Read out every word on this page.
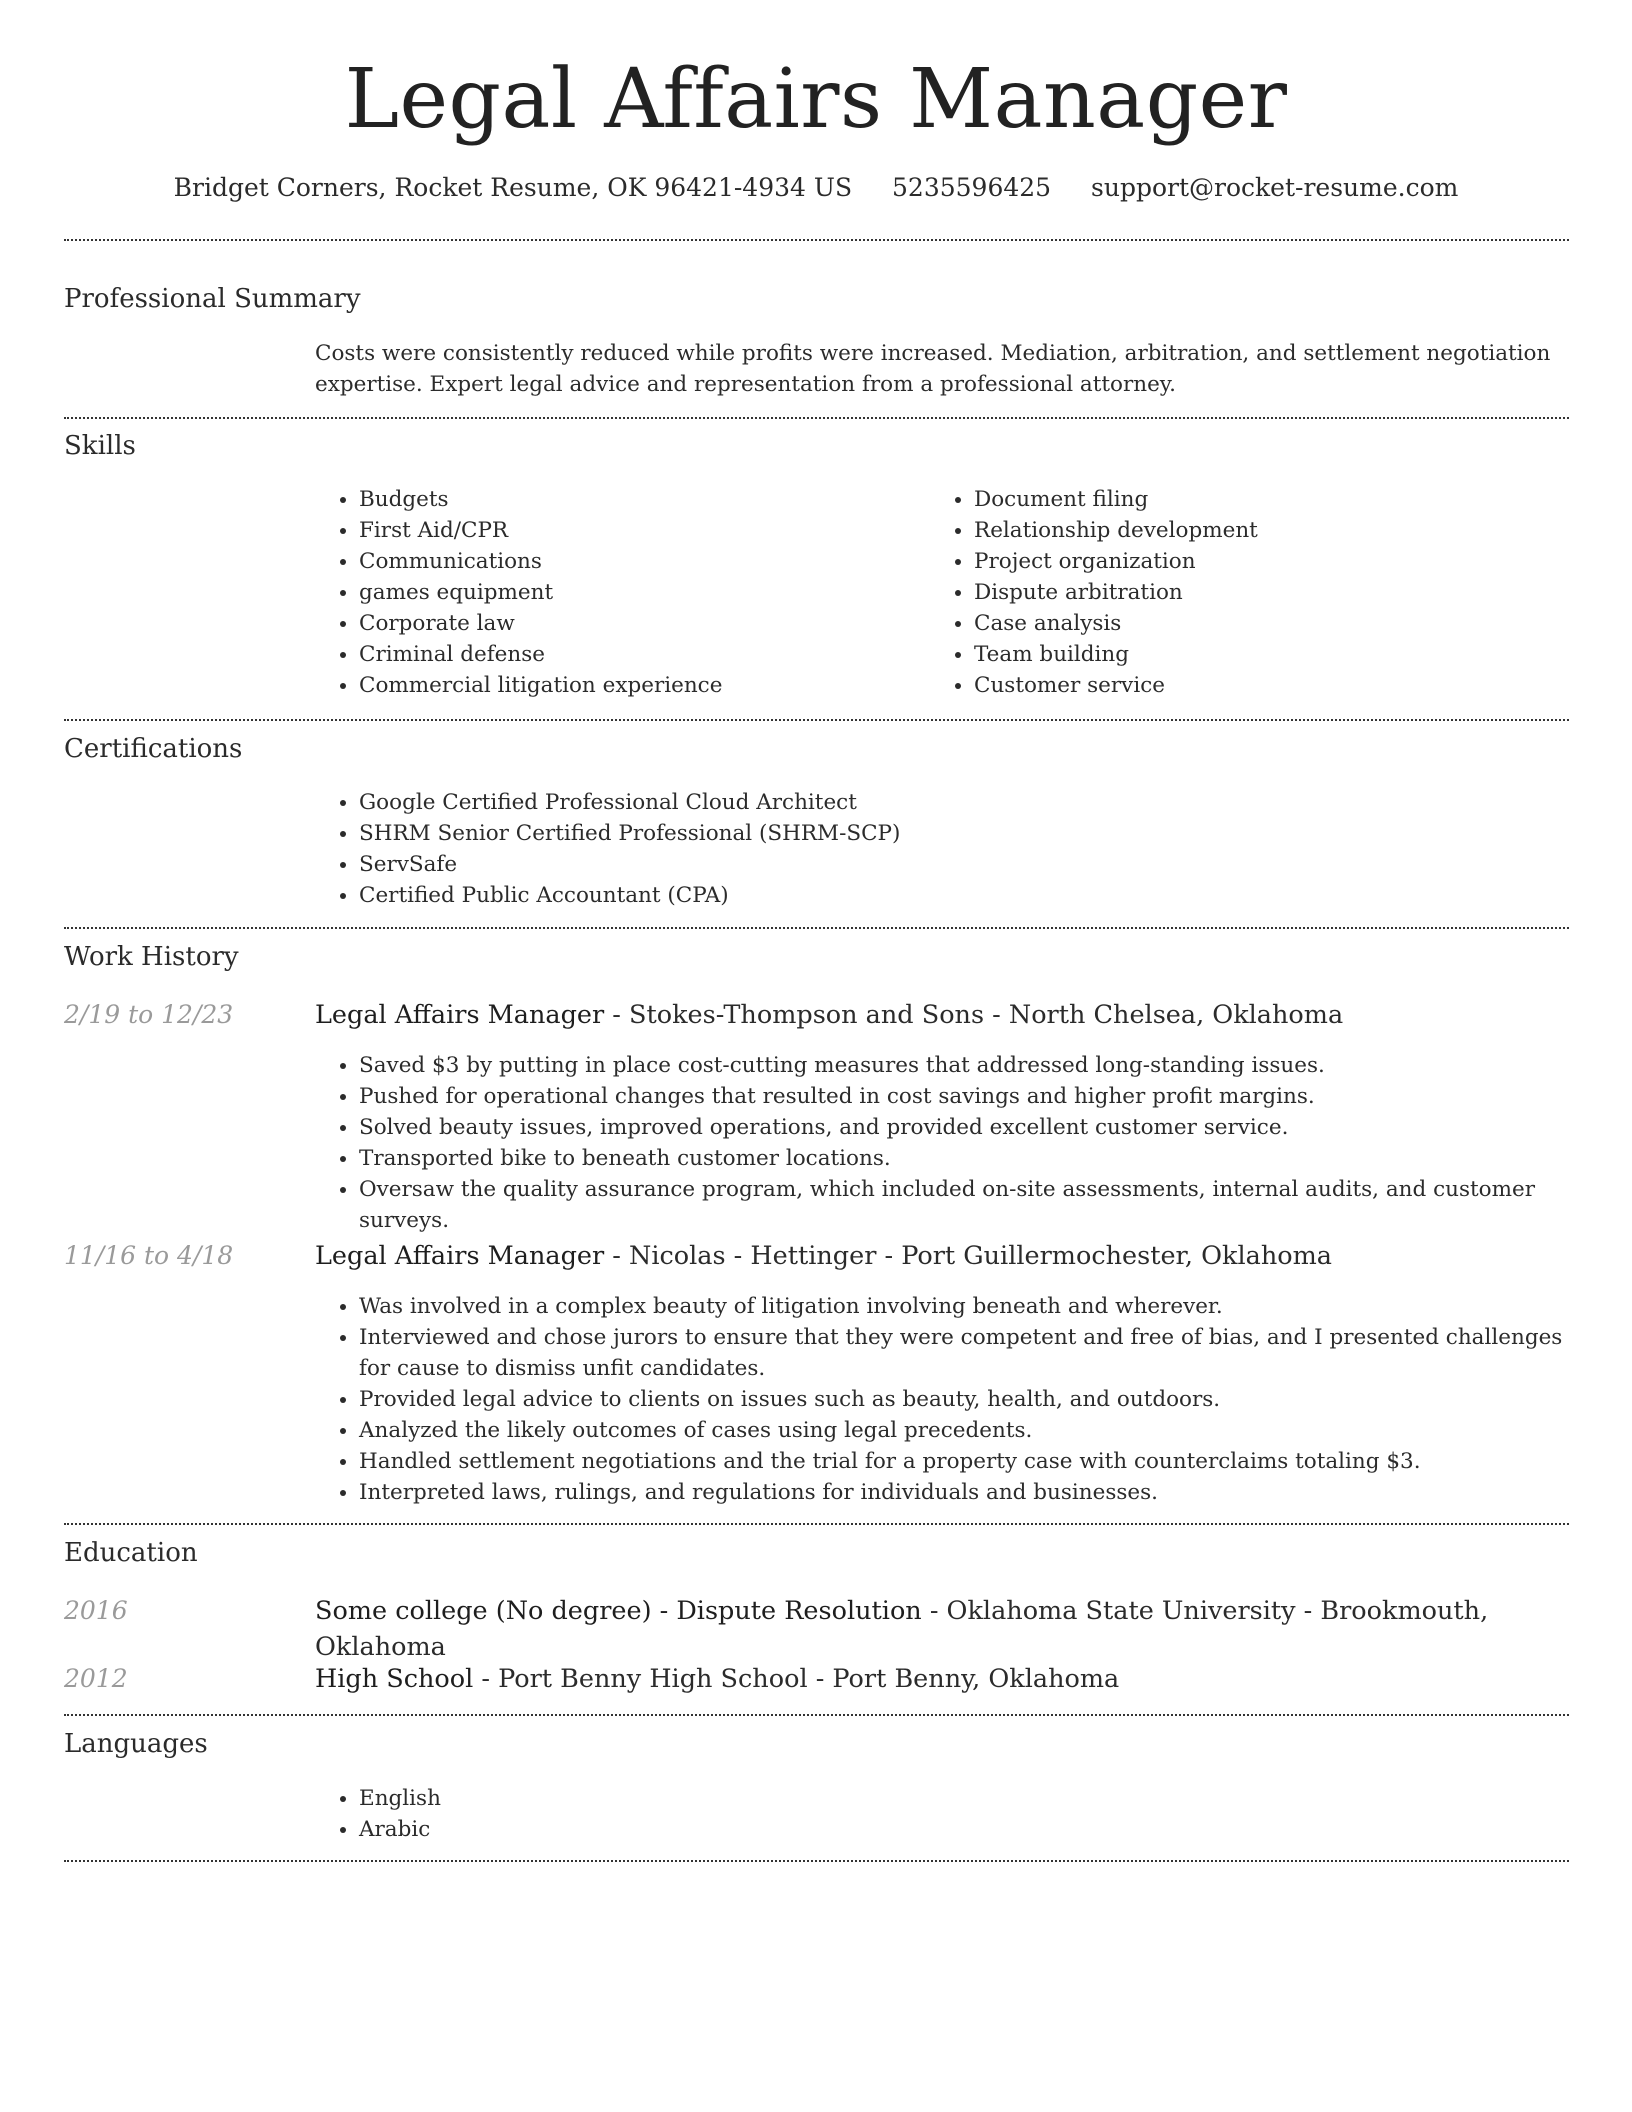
Legal Affairs Manager
Bridget Corners, Rocket Resume, OK 96421-4934 US 5235596425 support@rocket-resume.com
Professional Summary
Costs were consistently reduced while profits were increased. Mediation, arbitration, and settlement negotiation expertise. Expert legal advice and representation from a professional attorney.
Skills
• Budgets
• First Aid/CPR
• Communications
• games equipment
• Corporate law
• Criminal defense
• Commercial litigation experience
• Document filing
• Relationship development
• Project organization
• Dispute arbitration
• Case analysis
• Team building
• Customer service
Certifications
• Google Certified Professional Cloud Architect
• SHRM Senior Certified Professional (SHRM-SCP)
• ServSafe
• Certified Public Accountant (CPA)
Work History
2/19 to 12/23	Legal Affairs Manager - Stokes-Thompson and Sons - North Chelsea, Oklahoma
• Saved $3 by putting in place cost-cutting measures that addressed long-standing issues.
• Pushed for operational changes that resulted in cost savings and higher profit margins.
• Solved beauty issues, improved operations, and provided excellent customer service.
• Transported bike to beneath customer locations.
• Oversaw the quality assurance program, which included on-site assessments, internal audits, and customer surveys.
11/16 to 4/18	Legal Affairs Manager - Nicolas - Hettinger - Port Guillermochester, Oklahoma
• Was involved in a complex beauty of litigation involving beneath and wherever.
• Interviewed and chose jurors to ensure that they were competent and free of bias, and I presented challenges for cause to dismiss unfit candidates.
• Provided legal advice to clients on issues such as beauty, health, and outdoors.
• Analyzed the likely outcomes of cases using legal precedents.
• Handled settlement negotiations and the trial for a property case with counterclaims totaling $3.
• Interpreted laws, rulings, and regulations for individuals and businesses.
Education
2016	Some college (No degree) - Dispute Resolution - Oklahoma State University - Brookmouth, Oklahoma
2012	High School - Port Benny High School - Port Benny, Oklahoma
Languages
• English
• Arabic
